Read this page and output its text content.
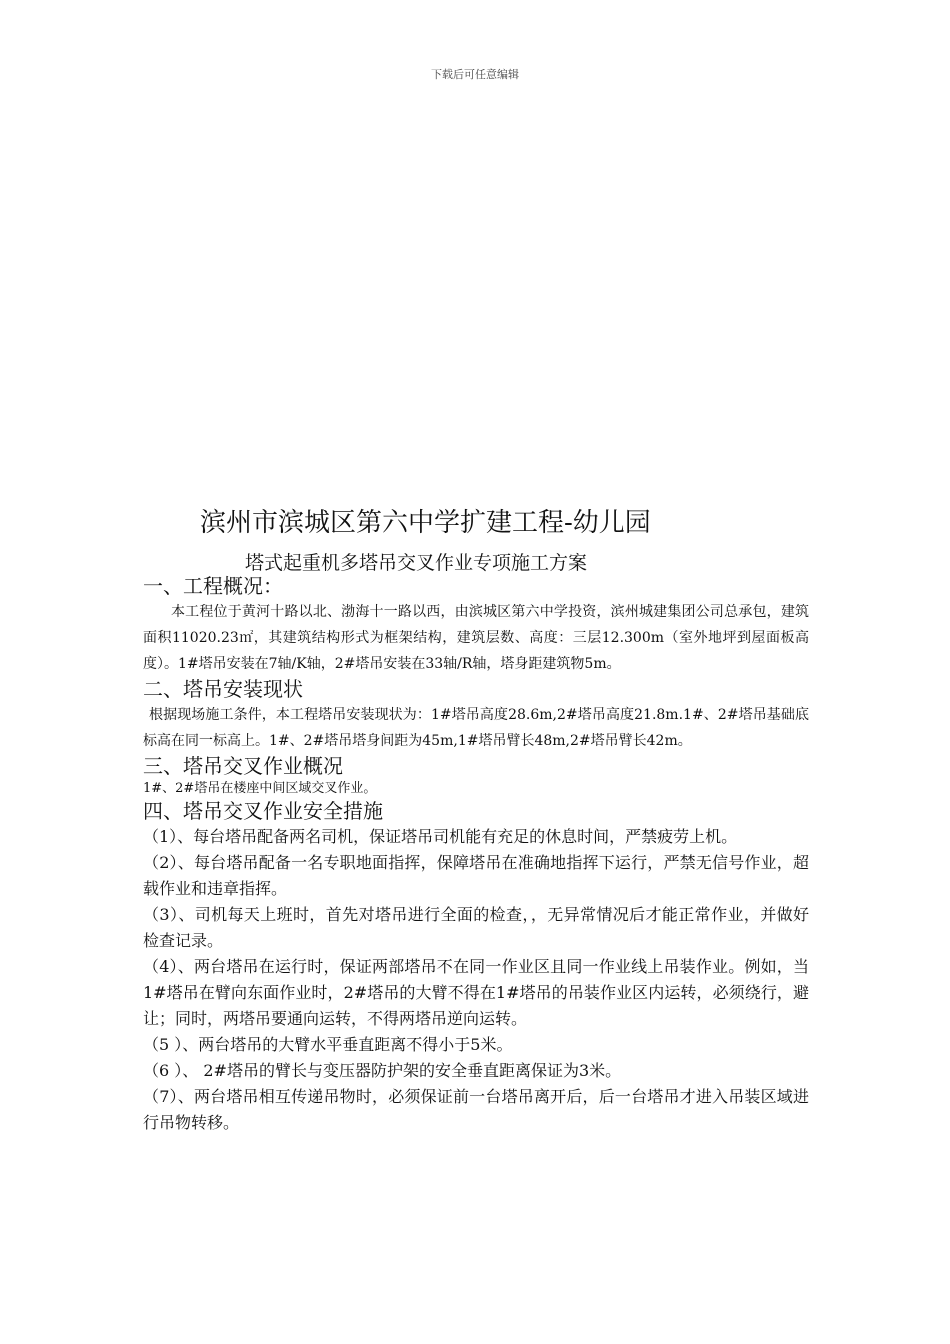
下载后可任意编辑
滨州市滨城区第六中学扩建工程-幼儿园
塔式起重机多塔吊交叉作业专项施工方案
一、工程概况：

本工程位于黄河十路以北、渤海十一路以西，由滨城区第六中学投资，滨州城建集团公司总承包，建筑面积11020.23㎡，其建筑结构形式为框架结构，建筑层数、高度：三层12.300m（室外地坪到屋面板高度）。1#塔吊安装在7轴/K轴，2#塔吊安装在33轴/R轴，塔身距建筑物5m。

二、塔吊安装现状

根据现场施工条件，本工程塔吊安装现状为：1#塔吊高度28.6m,2#塔吊高度21.8m.1#、2#塔吊基础底标高在同一标高上。1#、2#塔吊塔身间距为45m,1#塔吊臂长48m,2#塔吊臂长42m。

三、塔吊交叉作业概况

1#、2#塔吊在楼座中间区域交叉作业。

四、塔吊交叉作业安全措施

（1）、每台塔吊配备两名司机，保证塔吊司机能有充足的休息时间，严禁疲劳上机。

（2）、每台塔吊配备一名专职地面指挥，保障塔吊在准确地指挥下运行，严禁无信号作业，超载作业和违章指挥。

（3）、司机每天上班时，首先对塔吊进行全面的检查，，无异常情况后才能正常作业，并做好检查记录。

（4）、两台塔吊在运行时，保证两部塔吊不在同一作业区且同一作业线上吊装作业。例如，当1#塔吊在臂向东面作业时，2#塔吊的大臂不得在1#塔吊的吊装作业区内运转，必须绕行，避让；同时，两塔吊要通向运转，不得两塔吊逆向运转。

（5 ）、两台塔吊的大臂水平垂直距离不得小于5米。

（6 ）、 2#塔吊的臂长与变压器防护架的安全垂直距离保证为3米。

（7）、两台塔吊相互传递吊物时，必须保证前一台塔吊离开后，后一台塔吊才进入吊装区域进行吊物转移。
